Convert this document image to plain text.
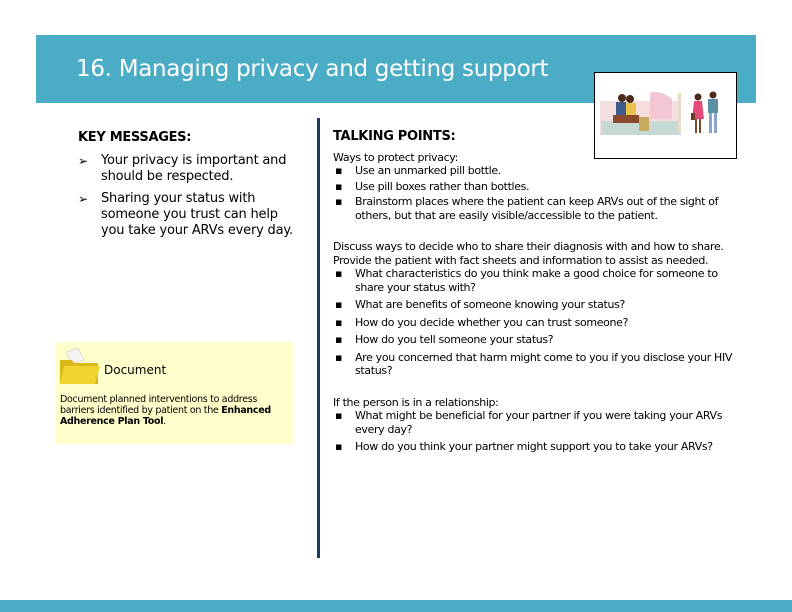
16. Managing privacy and getting support
KEY MESSAGES:
➢ Your privacy is important and should be respected.
➢ Sharing your status with someone you trust can help you take your ARVs every day.
Document
Document planned interventions to address barriers identified by patient on the Enhanced Adherence Plan Tool.
TALKING POINTS:

Ways to protect privacy:

▪ Use an unmarked pill bottle.
▪ Use pill boxes rather than bottles.
▪ Brainstorm places where the patient can keep ARVs out of the sight of others, but that are easily visible/accessible to the patient.

Discuss ways to decide who to share their diagnosis with and how to share. Provide the patient with fact sheets and information to assist as needed.

▪ What characteristics do you think make a good choice for someone to share your status with?
▪ What are benefits of someone knowing your status?
▪ How do you decide whether you can trust someone?
▪ How do you tell someone your status?
▪ Are you concerned that harm might come to you if you disclose your HIV status?

If the person is in a relationship:

▪ What might be beneficial for your partner if you were taking your ARVs every day?
▪ How do you think your partner might support you to take your ARVs?
